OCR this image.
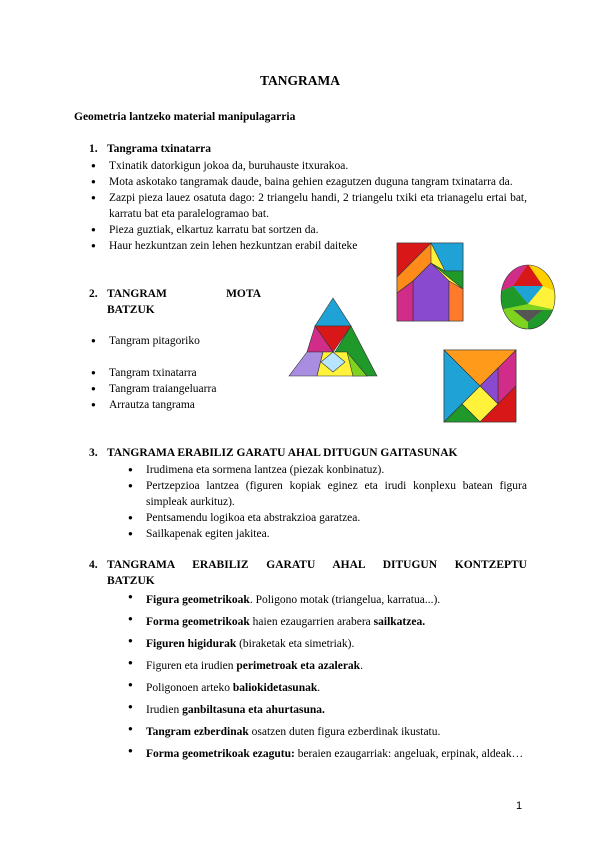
TANGRAMA
Geometria lantzeko material manipulagarria
1. Tangrama txinatarra
● Txinatik datorkigun jokoa da, buruhauste itxurakoa.
● Mota askotako tangramak daude, baina gehien ezagutzen duguna tangram txinatarra da.
● Zazpi pieza lauez osatuta dago: 2 triangelu handi, 2 triangelu txiki eta trianagelu ertai bat, karratu bat eta paralelogramao bat.
● Pieza guztiak, elkartuz karratu bat sortzen da.
● Haur hezkuntzan zein lehen hezkuntzan erabil daiteke
2. TANGRAM	MOTA
BATZUK
● Tangram pitagoriko
● Tangram txinatarra
● Tangram traiangeluarra
● Arrautza tangrama
3. TANGRAMA ERABILIZ GARATU AHAL DITUGUN GAITASUNAK
● Irudimena eta sormena lantzea (piezak konbinatuz).
● Pertzepzioa lantzea (figuren kopiak eginez eta irudi konplexu batean figura simpleak aurkituz).
● Pentsamendu logikoa eta abstrakzioa garatzea.
● Sailkapenak egiten jakitea.
4. TANGRAMA ERABILIZ GARATU AHAL DITUGUN KONTZEPTU
BATZUK
● Figura geometrikoak. Poligono motak (triangelua, karratua...).
● Forma geometrikoak haien ezaugarrien arabera sailkatzea.
● Figuren higidurak (biraketak eta simetriak).
● Figuren eta irudien perimetroak eta azalerak.
● Poligonoen arteko baliokidetasunak.
● Irudien ganbiltasuna eta ahurtasuna.
● Tangram ezberdinak osatzen duten figura ezberdinak ikustatu.
● Forma geometrikoak ezagutu: beraien ezaugarriak: angeluak, erpinak, aldeak…
1
